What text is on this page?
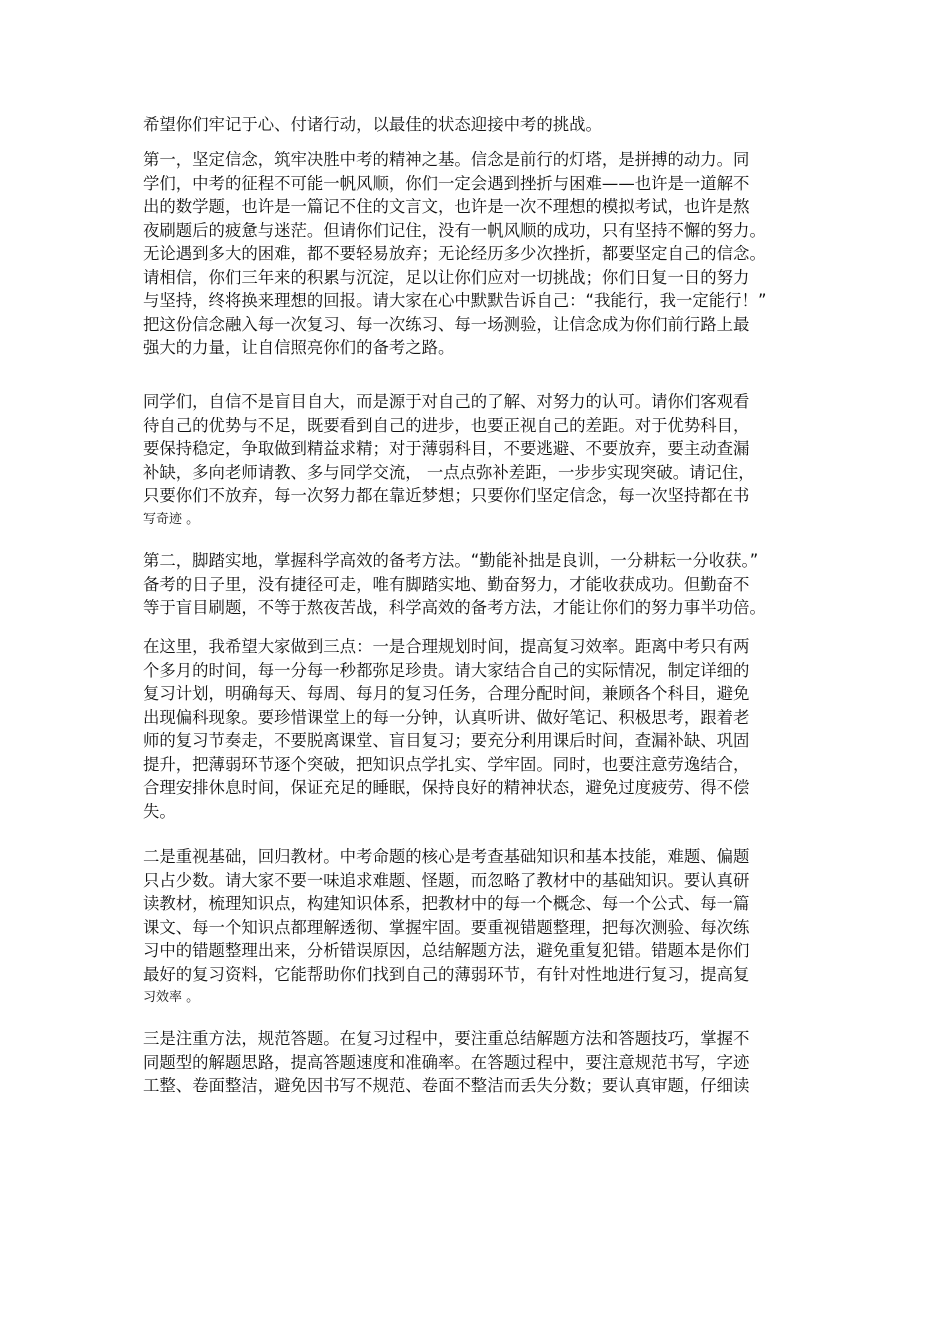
希望你们牢记于心、付诸行动，以最佳的状态迎接中考的挑战。
第一，坚定信念，筑牢决胜中考的精神之基。信念是前行的灯塔，是拼搏的动力。同
学们，中考的征程不可能一帆风顺，你们一定会遇到挫折与困难——也许是一道解不
出的数学题，也许是一篇记不住的文言文，也许是一次不理想的模拟考试，也许是熬
夜刷题后的疲惫与迷茫。但请你们记住，没有一帆风顺的成功，只有坚持不懈的努力。
无论遇到多大的困难，都不要轻易放弃；无论经历多少次挫折，都要坚定自己的信念。
请相信，你们三年来的积累与沉淀，足以让你们应对一切挑战；你们日复一日的努力
与坚持，终将换来理想的回报。请大家在心中默默告诉自己：“我能行，我一定能行！”
把这份信念融入每一次复习、每一次练习、每一场测验，让信念成为你们前行路上最
强大的力量，让自信照亮你们的备考之路。
同学们，自信不是盲目自大，而是源于对自己的了解、对努力的认可。请你们客观看
待自己的优势与不足，既要看到自己的进步，也要正视自己的差距。对于优势科目，
要保持稳定，争取做到精益求精；对于薄弱科目，不要逃避、不要放弃，要主动查漏
补缺，多向老师请教、多与同学交流， 一点点弥补差距，一步步实现突破。请记住，
只要你们不放弃，每一次努力都在靠近梦想；只要你们坚定信念，每一次坚持都在书
写奇迹 。
第二，脚踏实地，掌握科学高效的备考方法。“勤能补拙是良训，一分耕耘一分收获。”
备考的日子里，没有捷径可走，唯有脚踏实地、勤奋努力，才能收获成功。但勤奋不
等于盲目刷题，不等于熬夜苦战，科学高效的备考方法，才能让你们的努力事半功倍。
在这里，我希望大家做到三点：一是合理规划时间，提高复习效率。距离中考只有两
个多月的时间，每一分每一秒都弥足珍贵。请大家结合自己的实际情况，制定详细的
复习计划，明确每天、每周、每月的复习任务，合理分配时间，兼顾各个科目，避免
出现偏科现象。要珍惜课堂上的每一分钟，认真听讲、做好笔记、积极思考，跟着老
师的复习节奏走，不要脱离课堂、盲目复习；要充分利用课后时间，查漏补缺、巩固
提升，把薄弱环节逐个突破，把知识点学扎实、学牢固。同时，也要注意劳逸结合，
合理安排休息时间，保证充足的睡眠，保持良好的精神状态，避免过度疲劳、得不偿
失。
二是重视基础，回归教材。中考命题的核心是考查基础知识和基本技能，难题、偏题
只占少数。请大家不要一味追求难题、怪题，而忽略了教材中的基础知识。要认真研
读教材，梳理知识点，构建知识体系，把教材中的每一个概念、每一个公式、每一篇
课文、每一个知识点都理解透彻、掌握牢固。要重视错题整理，把每次测验、每次练
习中的错题整理出来，分析错误原因，总结解题方法，避免重复犯错。错题本是你们
最好的复习资料，它能帮助你们找到自己的薄弱环节，有针对性地进行复习，提高复
习效率 。
三是注重方法，规范答题。在复习过程中，要注重总结解题方法和答题技巧，掌握不
同题型的解题思路，提高答题速度和准确率。在答题过程中，要注意规范书写，字迹
工整、卷面整洁，避免因书写不规范、卷面不整洁而丢失分数；要认真审题，仔细读
